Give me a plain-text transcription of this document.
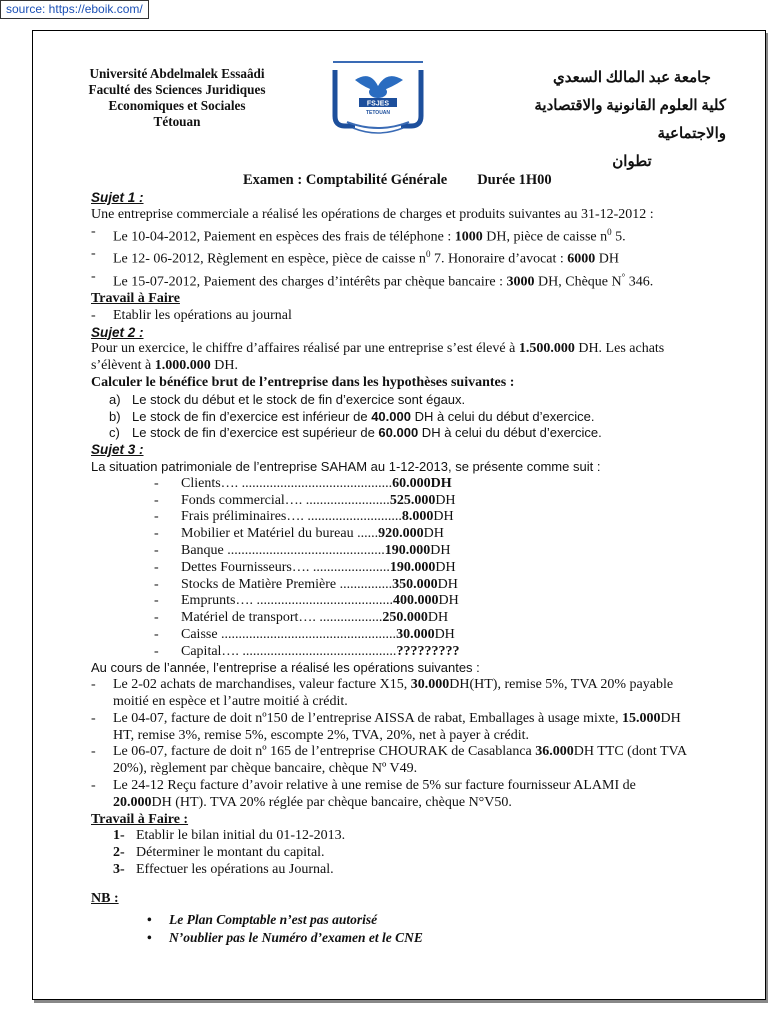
source: https://eboik.com/
Université Abdelmalek Essaâdi
Faculté des Sciences Juridiques
Economiques et Sociales
Tétouan
FSJES
TETOUAN
جامعة عبد المالك السعدي
كلية العلوم القانونية والاقتصادية والاجتماعية
تطوان
Examen : Comptabilité Générale Durée 1H00
Sujet 1 :
Une entreprise commerciale a réalisé les opérations de charges et produits suivantes au 31-12-2012 :
-	Le 10-04-2012, Paiement en espèces des frais de téléphone : 1000 DH, pièce de caisse $n^0$ 5.
-	Le 12- 06-2012, Règlement en espèce, pièce de caisse $n^0$ 7. Honoraire d’avocat : 6000 DH
-	Le 15-07-2012, Paiement des charges d’intérêts par chèque bancaire : 3000 DH, Chèque N° 346.
Travail à Faire
-	Etablir les opérations au journal
Sujet 2 :
Pour un exercice, le chiffre d’affaires réalisé par une entreprise s’est élevé à 1.500.000 DH. Les achats s’élèvent à 1.000.000 DH.
Calculer le bénéfice brut de l’entreprise dans les hypothèses suivantes :
a) Le stock du début et le stock de fin d’exercice sont égaux.
b) Le stock de fin d’exercice est inférieur de 40.000 DH à celui du début d’exercice.
c) Le stock de fin d’exercice est supérieur de 60.000 DH à celui du début d’exercice.
Sujet 3 :
La situation patrimoniale de l’entreprise SAHAM au 1-12-2013, se présente comme suit :
-	Clients…. ........................................... 60.000 DH
-	Fonds commercial…. ........................ 525.000 DH
-	Frais préliminaires…. ........................... 8.000 DH
-	Mobilier et Matériel du bureau ...... 920.000 DH
-	Banque ............................................. 190.000 DH
-	Dettes Fournisseurs…. ...................... 190.000 DH
-	Stocks de Matière Première ............... 350.000 DH
-	Emprunts…. ....................................... 400.000 DH
-	Matériel de transport…. .................. 250.000 DH
-	Caisse .................................................. 30.000 DH
-	Capital…. ............................................ ?????????
Au cours de l’année, l’entreprise a réalisé les opérations suivantes :
-	Le 2-02 achats de marchandises, valeur facture X15, 30.000DH(HT), remise 5%, TVA 20% payable moitié en espèce et l’autre moitié à crédit.
-	Le 04-07, facture de doit nº150 de l’entreprise AISSA de rabat, Emballages à usage mixte, 15.000DH HT, remise 3%, remise 5%, escompte 2%, TVA, 20%, net à payer à crédit.
-	Le 06-07, facture de doit nº 165 de l’entreprise CHOURAK de Casablanca 36.000DH TTC (dont TVA 20%), règlement par chèque bancaire, chèque Nº V49.
-	Le 24-12 Reçu facture d’avoir relative à une remise de 5% sur facture fournisseur ALAMI de 20.000DH (HT). TVA 20% réglée par chèque bancaire, chèque N°V50.
Travail à Faire :
1- Etablir le bilan initial du 01-12-2013.
2- Déterminer le montant du capital.
3- Effectuer les opérations au Journal.
NB :
•	Le Plan Comptable n’est pas autorisé
•	N’oublier pas le Numéro d’examen et le CNE
